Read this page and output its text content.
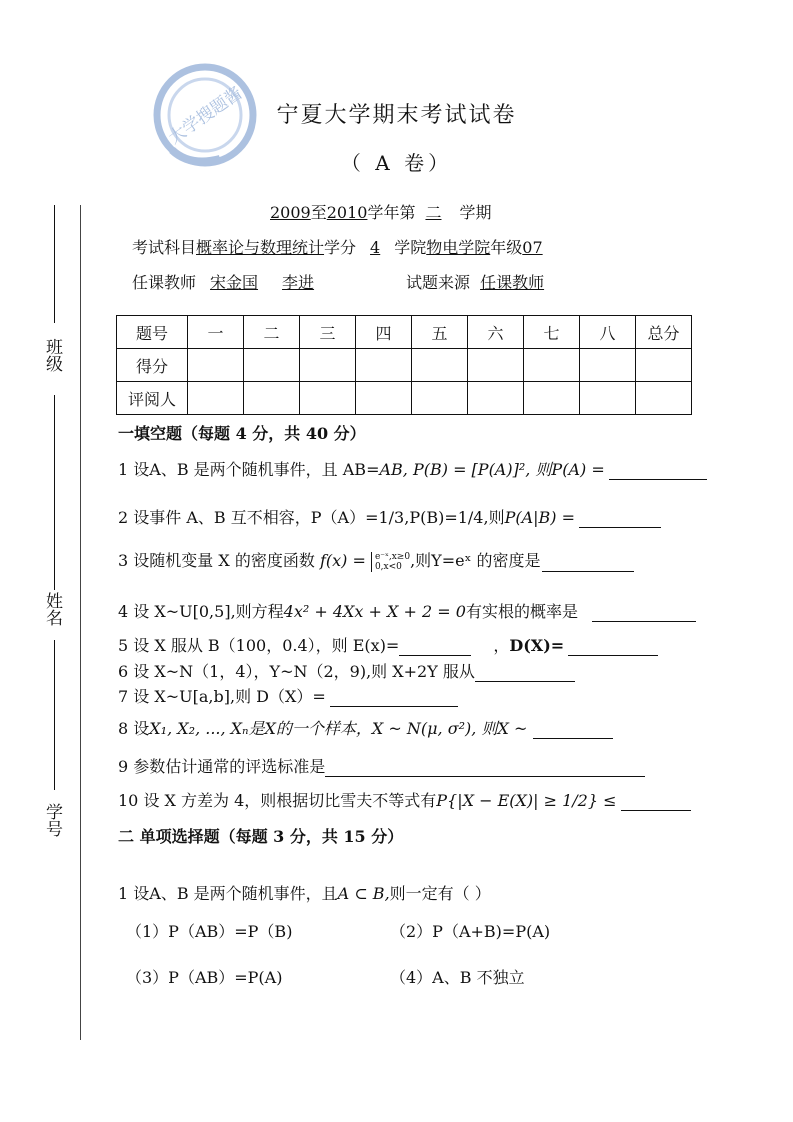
大学搜题酱
班级
姓名
学号
宁夏大学期末考试试卷
（ A 卷）
2009至2010学年第 二 学期
考试科目概率论与数理统计学分 4 学院物电学院年级07
任课教师 宋金国 李进	试题来源 任课教师
题号	一	二	三	四	五	六	七	八	总分
得分									
评阅人									
一填空题（每题 4 分，共 40 分）
1 设A、B 是两个随机事件，且 AB=AB, P(B) = [P(A)]², 则P(A) =
2 设事件 A、B 互不相容，P（A）=1/3,P(B)=1/4,则P(A|B) =
3 设随机变量 X 的密度函数 f(x) = e⁻ˣ,x≥0
0,x<0 ,则Y=eˣ 的密度是
4 设 X~U[0,5],则方程4x² + 4Xx + X + 2 = 0有实根的概率是
5 设 X 服从 B（100，0.4），则 E(x)=	，D(X)=
6 设 X~N（1，4），Y~N（2，9),则 X+2Y 服从
7 设 X~U[a,b],则 D（X）=
8 设X₁, X₂, ..., Xₙ是X的一个样本，X ~ N(μ, σ²), 则X ~
9 参数估计通常的评选标准是
10 设 X 方差为 4，则根据切比雪夫不等式有P{|X − E(X)| ≥ 1/2} ≤
二 单项选择题（每题 3 分，共 15 分）
1 设A、B 是两个随机事件，且A ⊂ B,则一定有（ ）
（1）P（AB）=P（B)	（2）P（A+B)=P(A)
（3）P（AB）=P(A)	（4）A、B 不独立
